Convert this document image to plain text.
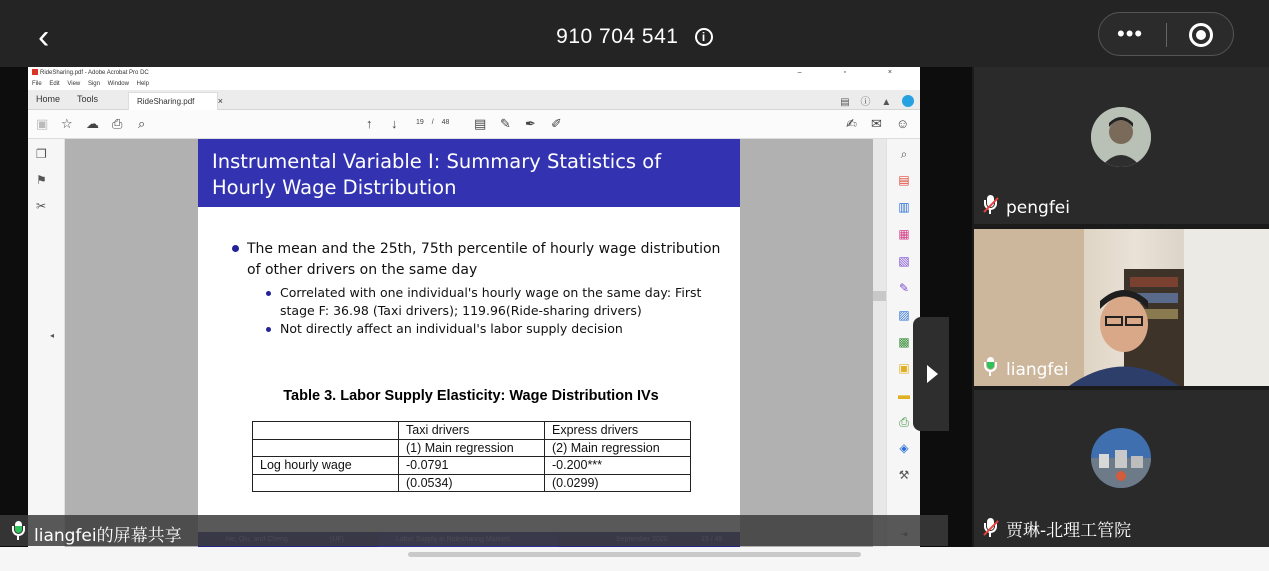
‹	910 704 541 i	•••
RideSharing.pdf - Adobe Acrobat Pro DC	– ▫ ×
File Edit View Sign Window Help
Home Tools	RideSharing.pdf	×	▤ ⓘ ▲
▣ ☆ ☁ ⎙ ⌕	↑ ↓	19 / 48 ▤ ✎ ✒ ✐	✍ ✉ ☺
❐
⚑
✂
◂
Instrumental Variable I: Summary Statistics of Hourly Wage Distribution
The mean and the 25th, 75th percentile of hourly wage distribution of other drivers on the same day
Correlated with one individual's hourly wage on the same day: First stage F: 36.98 (Taxi drivers); 119.96(Ride-sharing drivers)
Not directly affect an individual's labor supply decision
Table 3. Labor Supply Elasticity: Wage Distribution IVs
	Taxi drivers	Express drivers
	(1) Main regression	(2) Main regression
Log hourly wage	-0.0791	-0.200***
	(0.0534)	(0.0299)
⌕
▤
▥
▦
▧
✎
▨
▩
▣
▬
⎙
◈
⚒
liangfei的屏幕共享
pengfei
liangfei
贾琳-北理工管院
